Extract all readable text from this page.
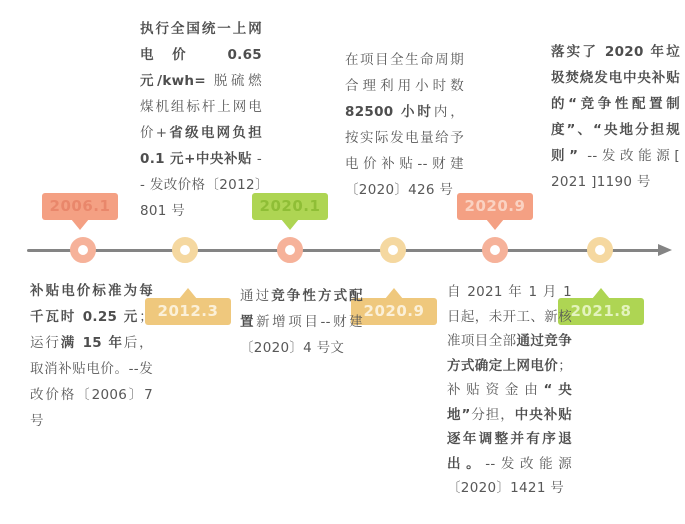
执行全国统一上网电价 0.65 元/kwh= 脱硫燃煤机组标杆上网电价+省级电网负担 0.1 元+中央补贴 -- 发改价格〔2012〕801 号
在项目全生命周期合理利用小时数 82500 小时内，按实际发电量给予电价补贴--财建〔2020〕426 号
落实了 2020 年垃圾焚烧发电中央补贴的“竞争性配置制度”、“央地分担规则” --发改能源[ 2021 ]1190 号
2006.1
2012.3
2020.1
2020.9
2020.9
2021.8
补贴电价标准为每千瓦时 0.25 元；运行满 15 年后，取消补贴电价。--发改价格〔2006〕7 号
通过竞争性方式配置新增项目--财建〔2020〕4 号文
自 2021 年 1 月 1 日起，未开工、新核准项目全部通过竞争方式确定上网电价；补贴资金由“央地”分担，中央补贴逐年调整并有序退出。--发改能源〔2020〕1421 号
